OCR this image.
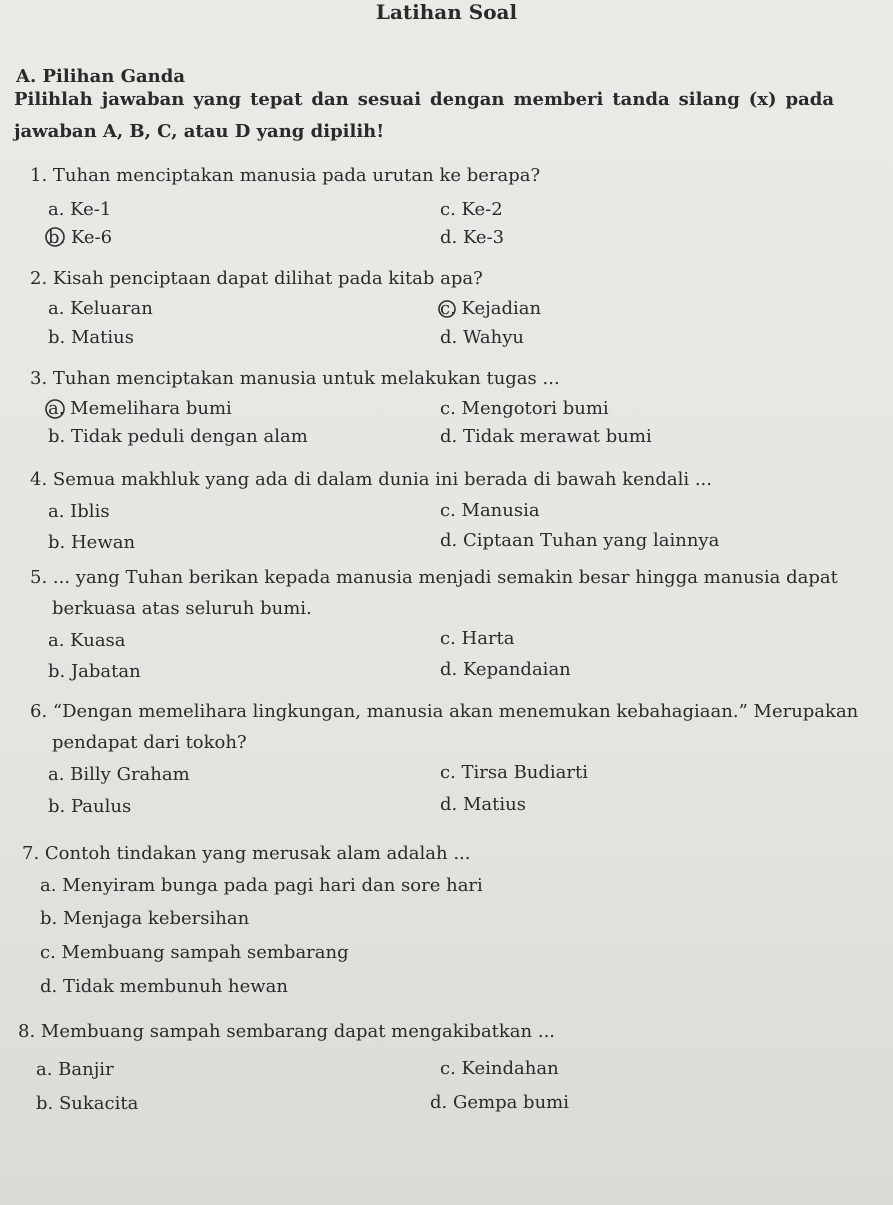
Latihan Soal
A. Pilihan Ganda
Pilihlah jawaban yang tepat dan sesuai dengan memberi tanda silang (x) pada
jawaban A, B, C, atau D yang dipilih!
1. Tuhan menciptakan manusia pada urutan ke berapa?
a. Ke-1	c. Ke-2
b. Ke-6	d. Ke-3
2. Kisah penciptaan dapat dilihat pada kitab apa?
a. Keluaran	c. Kejadian
b. Matius	d. Wahyu
3. Tuhan menciptakan manusia untuk melakukan tugas ...
a. Memelihara bumi	c. Mengotori bumi
b. Tidak peduli dengan alam	d. Tidak merawat bumi
4. Semua makhluk yang ada di dalam dunia ini berada di bawah kendali ...
a. Iblis	c. Manusia
b. Hewan	d. Ciptaan Tuhan yang lainnya
5. ... yang Tuhan berikan kepada manusia menjadi semakin besar hingga manusia dapat
berkuasa atas seluruh bumi.
a. Kuasa	c. Harta
b. Jabatan	d. Kepandaian
6. “Dengan memelihara lingkungan, manusia akan menemukan kebahagiaan.” Merupakan
pendapat dari tokoh?
a. Billy Graham	c. Tirsa Budiarti
b. Paulus	d. Matius
7. Contoh tindakan yang merusak alam adalah ...
a. Menyiram bunga pada pagi hari dan sore hari
b. Menjaga kebersihan
c. Membuang sampah sembarang
d. Tidak membunuh hewan
8. Membuang sampah sembarang dapat mengakibatkan ...
a. Banjir	c. Keindahan
b. Sukacita	d. Gempa bumi
